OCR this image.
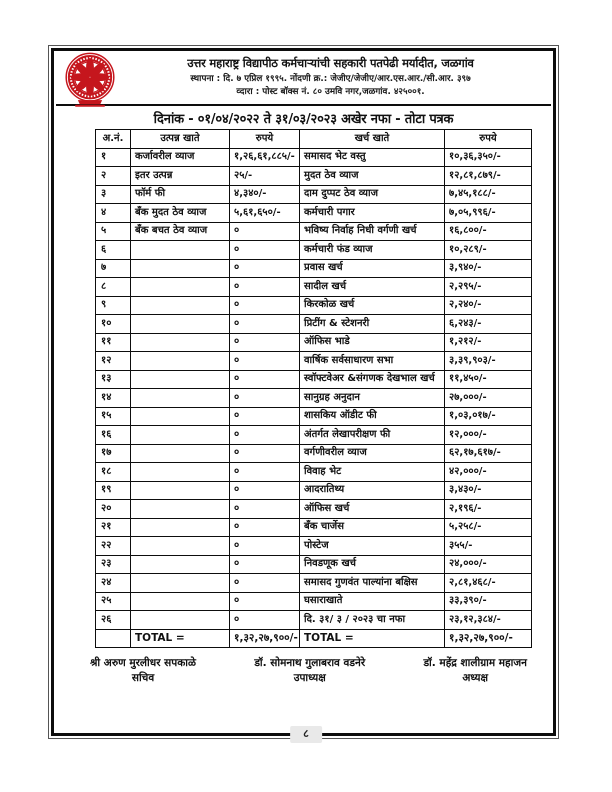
उत्तर महाराष्ट्र विद्यापीठ कर्मचाऱ्यांची सहकारी पतपेढी मर्यादीत, जळगांव
स्थापना : दि. ७ एप्रिल १९९५. नोंदणी क्र.: जेजीए/जेजीए/आर.एस.आर./सी.आर. ३९७
व्दारा : पोस्ट बॉक्स नं. ८० उमवि नगर,जळगांव. ४२५००१.
दिनांक - ०१/०४/२०२२ ते ३१/०३/२०२३ अखेर नफा - तोटा पत्रक
अ.नं.	उत्पन्न खाते	रुपये	खर्च खाते	रुपये
१	कर्जावरील व्याज	१,२६,६१,८८५/-	समासद भेट वस्तु	१०,३६,३५०/-
२	इतर उत्पन्न	२५/-	मुदत ठेव व्याज	१२,८१,८७९/-
३	फॉर्म फी	४,३४०/-	दाम दुप्पट ठेव व्याज	७,४५,१८८/-
४	बँक मुदत ठेव व्याज	५,६१,६५०/-	कर्मचारी पगार	७,०५,९९६/-
५	बँक बचत ठेव व्याज	०	भविष्य निर्वाह निधी वर्गणी खर्च	१६,८००/-
६		०	कर्मचारी फंड व्याज	१०,२८९/-
७		०	प्रवास खर्च	३,९४०/-
८		०	सादील खर्च	२,२९५/-
९		०	किरकोळ खर्च	२,२४०/-
१०		०	प्रिटींग & स्टेशनरी	६,२४३/-
११		०	ऑफिस भाडे	१,२१२/-
१२		०	वार्षिक सर्वसाधारण सभा	३,३९,९०३/-
१३		०	स्वॉफ्टवेअर &संगणक देखभाल खर्च	११,४५०/-
१४		०	सानुग्रह अनुदान	२७,०००/-
१५		०	शासकिय ऑडीट फी	१,०३,०१७/-
१६		०	अंतर्गत लेखापरीक्षण फी	१२,०००/-
१७		०	वर्गणीवरील व्याज	६२,१७,६१७/-
१८		०	विवाह भेट	४२,०००/-
१९		०	आदरातिथ्य	३,४३०/-
२०		०	ऑफिस खर्च	२,१९६/-
२१		०	बँक चार्जेस	५,२५८/-
२२		०	पोस्टेज	३५५/-
२३		०	निवडणूक खर्च	२४,०००/-
२४		०	समासद गुणवंत पाल्यांना बक्षिस	२,८१,४६८/-
२५		०	घसाराखाते	३३,३९०/-
२६		०	दि. ३१/ ३ / २०२३ चा नफा	२३,१२,३८४/-
	TOTAL =	१,३२,२७,९००/-	TOTAL =	१,३२,२७,९००/-
श्री अरुण मुरलीधर सपकाळे
सचिव
डॉ. सोमनाथ गुलाबराव वडनेरे
उपाध्यक्ष
डॉ. महेंद्र शालीग्राम महाजन
अध्यक्ष
८
